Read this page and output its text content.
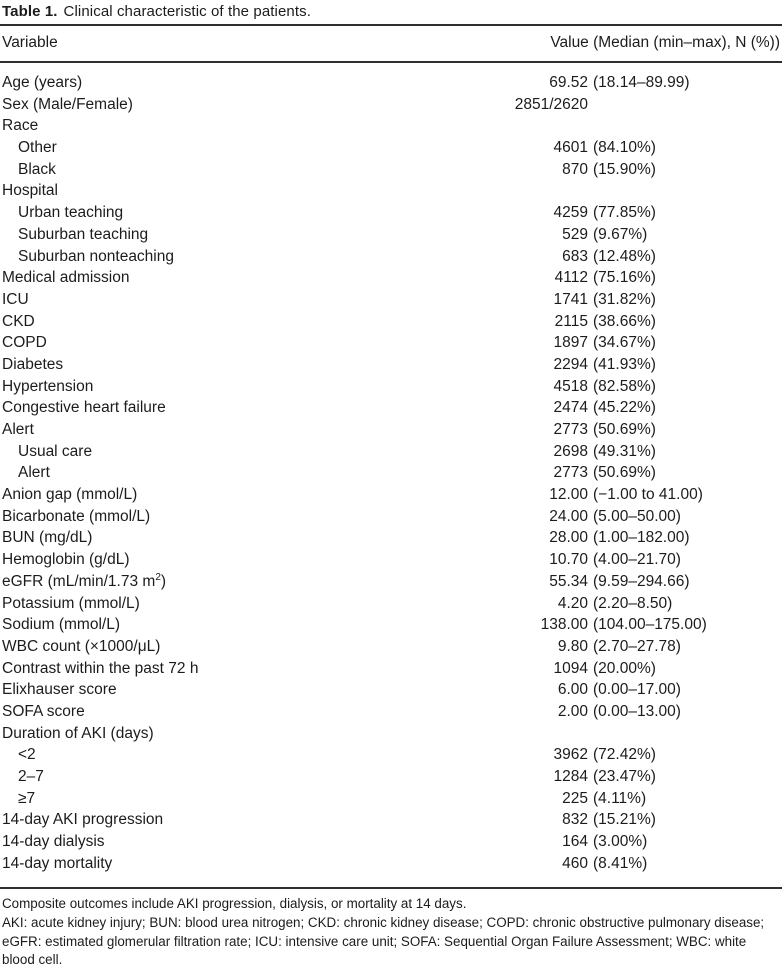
Table 1. Clinical characteristic of the patients.
Variable	Value (Median (min–max), N (%))
Age (years)	69.52 (18.14–89.99)
Sex (Male/Female)	2851/2620
Race
Other	4601 (84.10%)
Black	870 (15.90%)
Hospital
Urban teaching	4259 (77.85%)
Suburban teaching	529 (9.67%)
Suburban nonteaching	683 (12.48%)
Medical admission	4112 (75.16%)
ICU	1741 (31.82%)
CKD	2115 (38.66%)
COPD	1897 (34.67%)
Diabetes	2294 (41.93%)
Hypertension	4518 (82.58%)
Congestive heart failure	2474 (45.22%)
Alert	2773 (50.69%)
Usual care	2698 (49.31%)
Alert	2773 (50.69%)
Anion gap (mmol/L)	12.00 (−1.00 to 41.00)
Bicarbonate (mmol/L)	24.00 (5.00–50.00)
BUN (mg/dL)	28.00 (1.00–182.00)
Hemoglobin (g/dL)	10.70 (4.00–21.70)
eGFR (mL/min/1.73 $m^2$)	55.34 (9.59–294.66)
Potassium (mmol/L)	4.20 (2.20–8.50)
Sodium (mmol/L)	138.00 (104.00–175.00)
WBC count (×1000/μL)	9.80 (2.70–27.78)
Contrast within the past 72 h	1094 (20.00%)
Elixhauser score	6.00 (0.00–17.00)
SOFA score	2.00 (0.00–13.00)
Duration of AKI (days)
<2	3962 (72.42%)
2–7	1284 (23.47%)
≥7	225 (4.11%)
14-day AKI progression	832 (15.21%)
14-day dialysis	164 (3.00%)
14-day mortality	460 (8.41%)

Composite outcomes include AKI progression, dialysis, or mortality at 14 days.

AKI: acute kidney injury; BUN: blood urea nitrogen; CKD: chronic kidney disease; COPD: chronic obstructive pulmonary disease; eGFR: estimated glomerular filtration rate; ICU: intensive care unit; SOFA: Sequential Organ Failure Assessment; WBC: white blood cell.
